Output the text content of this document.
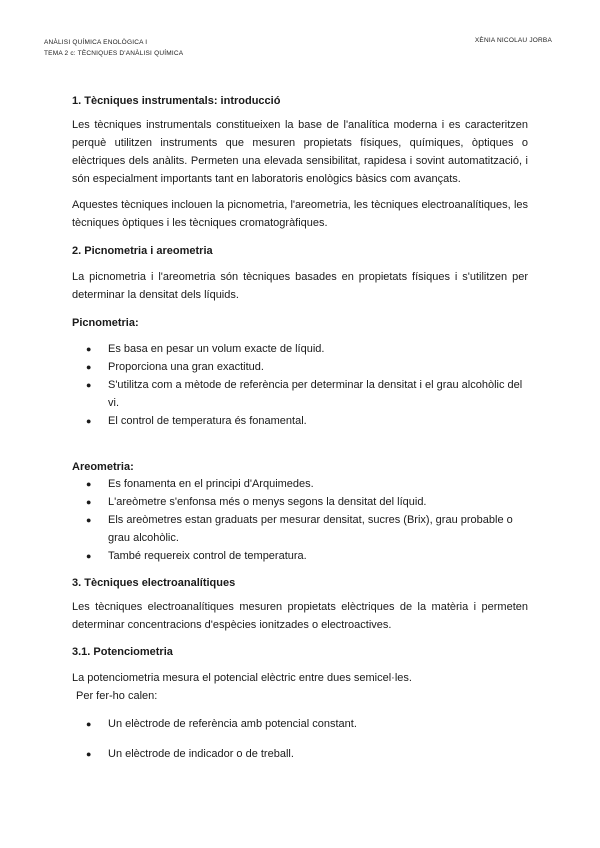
ANÀLISI QUÍMICA ENOLÒGICA I
TEMA 2 c: TÈCNIQUES D'ANÀLISI QUÍMICA
XÈNIA NICOLAU JORBA
1. Tècniques instrumentals: introducció

Les tècniques instrumentals constitueixen la base de l'analítica moderna i es caracteritzen perquè utilitzen instruments que mesuren propietats físiques, químiques, òptiques o elèctriques dels anàlits. Permeten una elevada sensibilitat, rapidesa i sovint automatització, i són especialment importants tant en laboratoris enològics bàsics com avançats.

Aquestes tècniques inclouen la picnometria, l'areometria, les tècniques electroanalítiques, les tècniques òptiques i les tècniques cromatogràfiques.

2. Picnometria i areometria

La picnometria i l'areometria són tècniques basades en propietats físiques i s'utilitzen per determinar la densitat dels líquids.

Picnometria:
● Es basa en pesar un volum exacte de líquid.
● Proporciona una gran exactitud.
● S'utilitza com a mètode de referència per determinar la densitat i el grau alcohòlic del vi.
● El control de temperatura és fonamental.
Areometria:
● Es fonamenta en el principi d'Arquimedes.
● L'areòmetre s'enfonsa més o menys segons la densitat del líquid.
● Els areòmetres estan graduats per mesurar densitat, sucres (Brix), grau probable o grau alcohòlic.
● També requereix control de temperatura.
3. Tècniques electroanalítiques

Les tècniques electroanalítiques mesuren propietats elèctriques de la matèria i permeten determinar concentracions d'espècies ionitzades o electroactives.

3.1. Potenciometria

La potenciometria mesura el potencial elèctric entre dues semicel·les.

Per fer-ho calen:

● Un elèctrode de referència amb potencial constant.
● Un elèctrode de indicador o de treball.
